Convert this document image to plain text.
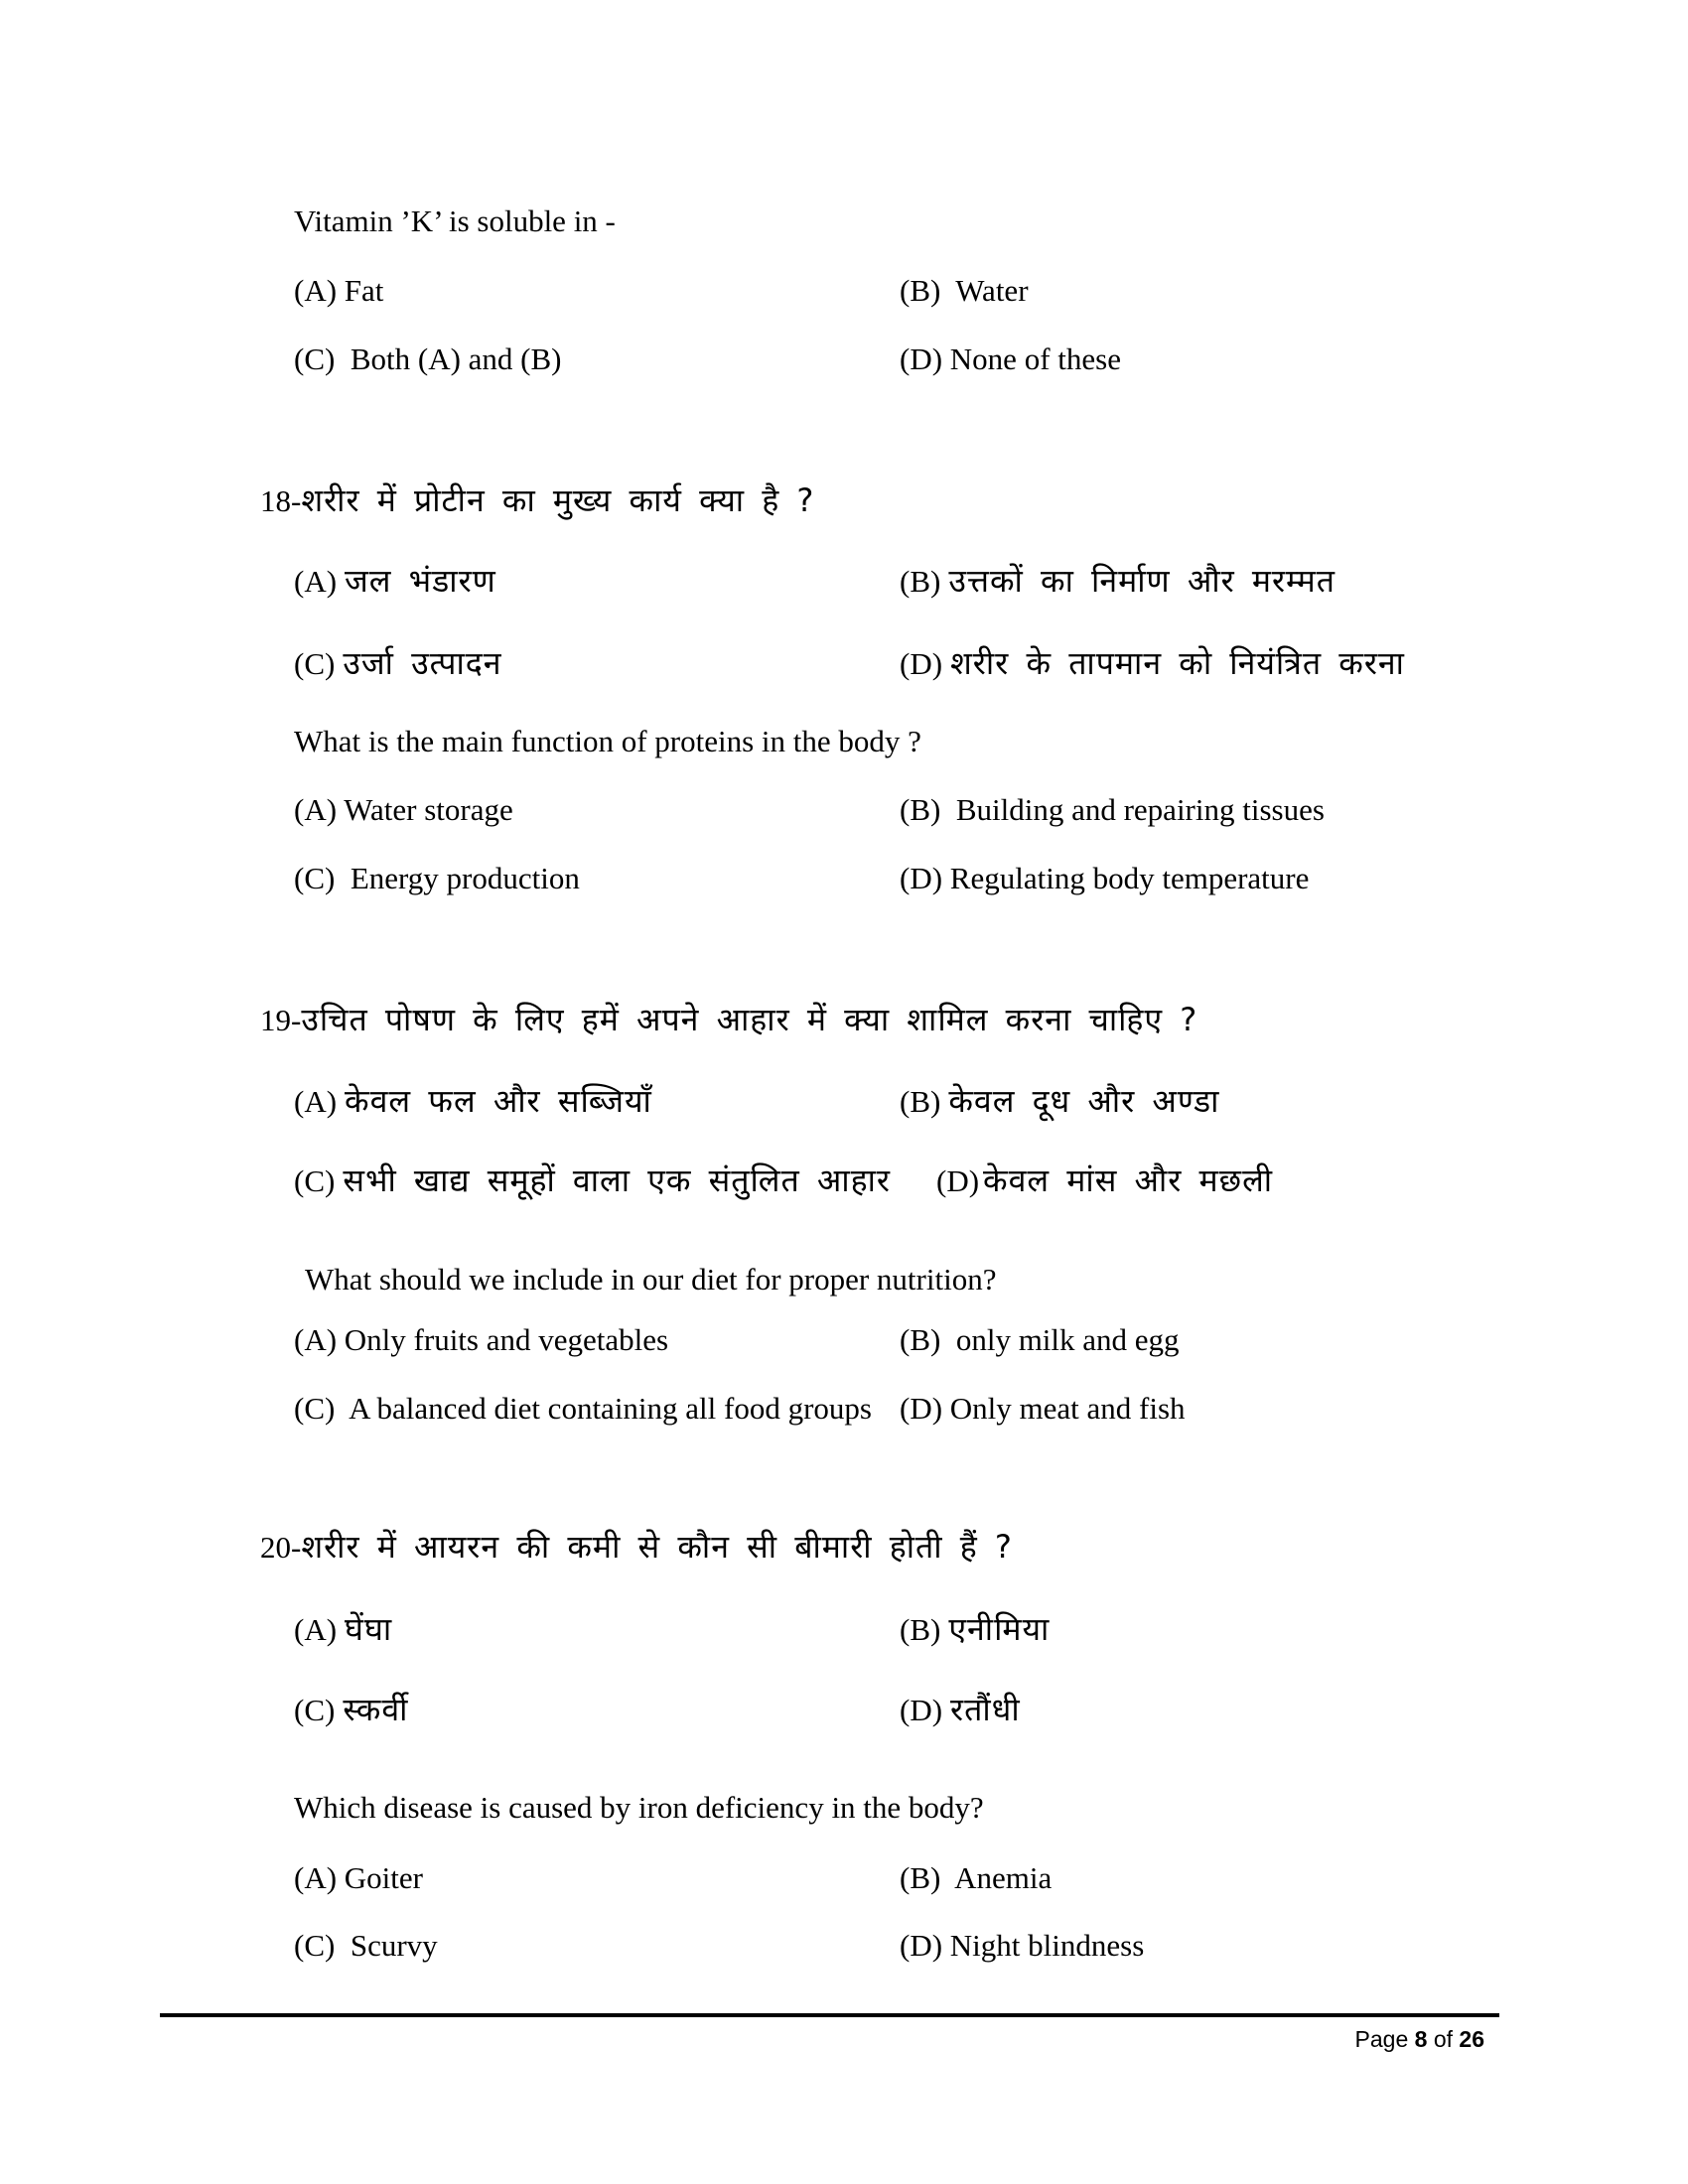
Vitamin ’K’ is soluble in -
(A) Fat	(B) Water
(C) Both (A) and (B)	(D) None of these
18-शरीर में प्रोटीन का मुख्य कार्य क्या है ?
(A) जल भंडारण	(B) उत्तकों का निर्माण और मरम्मत
(C) उर्जा उत्पादन	(D) शरीर के तापमान को नियंत्रित करना
What is the main function of proteins in the body ?
(A) Water storage	(B) Building and repairing tissues
(C) Energy production	(D) Regulating body temperature
19-उचित पोषण के लिए हमें अपने आहार में क्या शामिल करना चाहिए ?
(A) केवल फल और सब्जियाँ	(B) केवल दूध और अण्डा
(C) सभी खाद्य समूहों वाला एक संतुलित आहार (D) केवल मांस और मछली
What should we include in our diet for proper nutrition?
(A) Only fruits and vegetables	(B) only milk and egg
(C) A balanced diet containing all food groups (D) Only meat and fish
20-शरीर में आयरन की कमी से कौन सी बीमारी होती हैं ?
(A) घेंघा	(B) एनीमिया
(C) स्कर्वी	(D) रतौंधी
Which disease is caused by iron deficiency in the body?
(A) Goiter	(B) Anemia
(C) Scurvy	(D) Night blindness
Page 8 of 26
